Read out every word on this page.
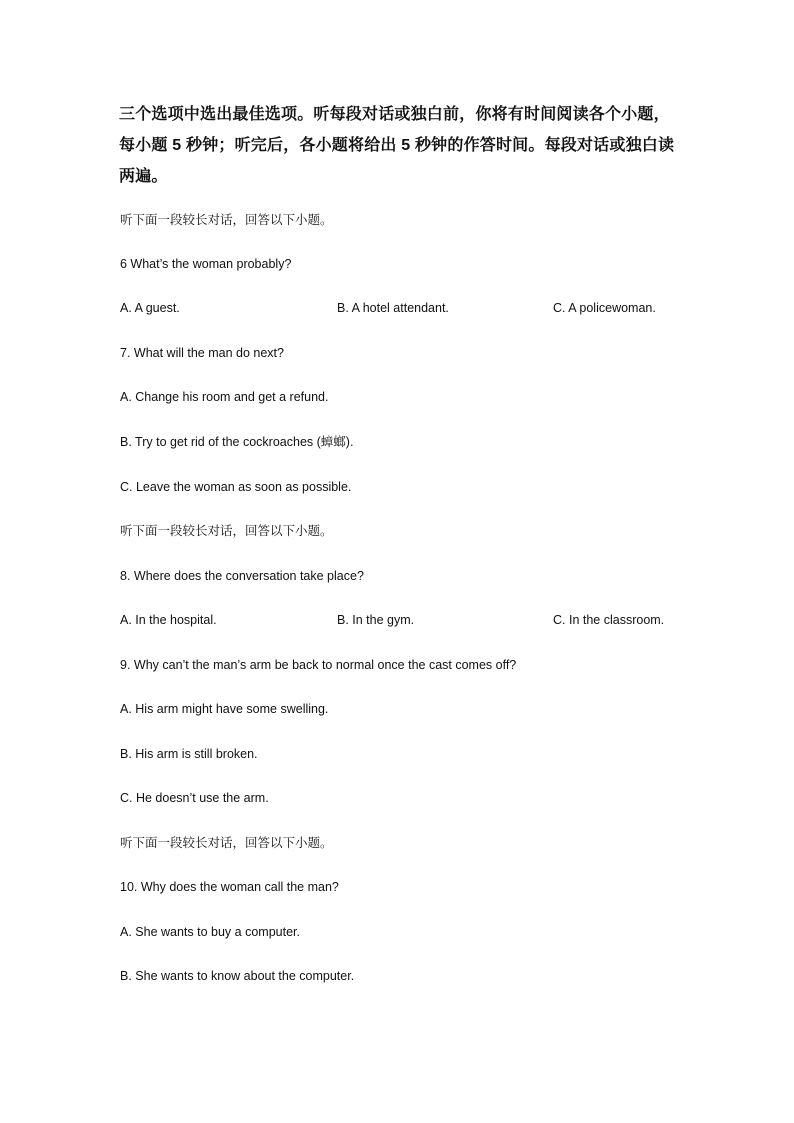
三个选项中选出最佳选项。听每段对话或独白前，你将有时间阅读各个小题，
每小题 5 秒钟；听完后，各小题将给出 5 秒钟的作答时间。每段对话或独白读
两遍。
听下面一段较长对话，回答以下小题。
6 What’s the woman probably?
A. A guest.	B. A hotel attendant.	C. A policewoman.
7. What will the man do next?
A. Change his room and get a refund.
B. Try to get rid of the cockroaches (蟑螂).
C. Leave the woman as soon as possible.
听下面一段较长对话，回答以下小题。
8. Where does the conversation take place?
A. In the hospital.	B. In the gym.	C. In the classroom.
9. Why can’t the man’s arm be back to normal once the cast comes off?
A. His arm might have some swelling.
B. His arm is still broken.
C. He doesn’t use the arm.
听下面一段较长对话，回答以下小题。
10. Why does the woman call the man?
A. She wants to buy a computer.
B. She wants to know about the computer.
